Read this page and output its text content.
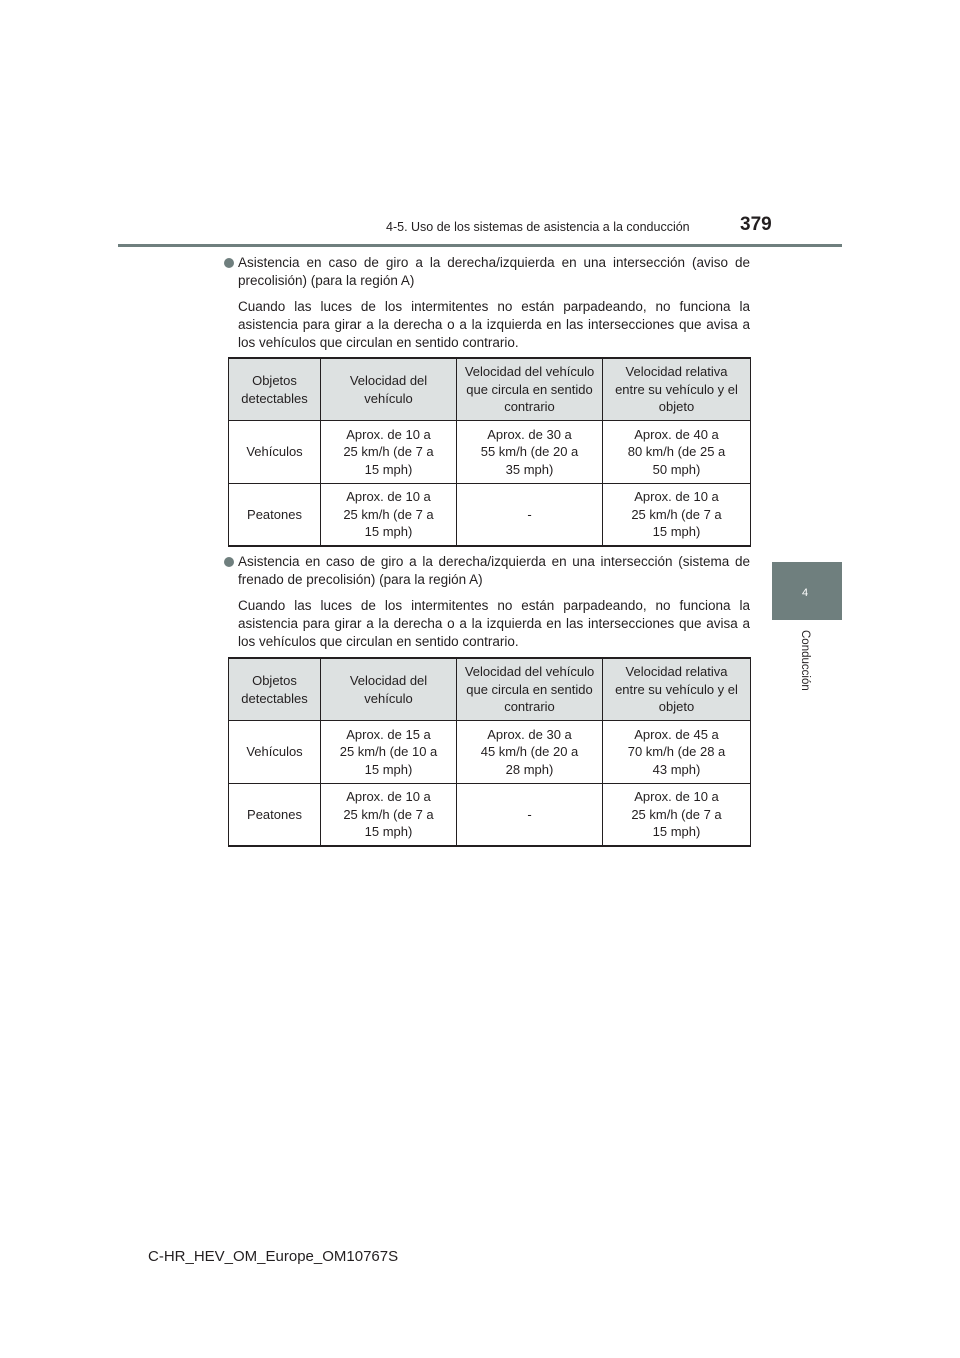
4-5. Uso de los sistemas de asistencia a la conducción	379
4
Conducción
Asistencia en caso de giro a la derecha/izquierda en una intersección (aviso de precolisión) (para la región A)
Cuando las luces de los intermitentes no están parpadeando, no funciona la asistencia para girar a la derecha o a la izquierda en las intersecciones que avisa a los vehículos que circulan en sentido contrario.
Objetos
detectables	Velocidad del
vehículo	Velocidad del vehículo
que circula en sentido
contrario	Velocidad relativa
entre su vehículo y el
objeto
Vehículos	Aprox. de 10 a
25 km/h (de 7 a
15 mph)	Aprox. de 30 a
55 km/h (de 20 a
35 mph)	Aprox. de 40 a
80 km/h (de 25 a
50 mph)
Peatones	Aprox. de 10 a
25 km/h (de 7 a
15 mph)	-	Aprox. de 10 a
25 km/h (de 7 a
15 mph)
Asistencia en caso de giro a la derecha/izquierda en una intersección (sistema de frenado de precolisión) (para la región A)
Cuando las luces de los intermitentes no están parpadeando, no funciona la asistencia para girar a la derecha o a la izquierda en las intersecciones que avisa a los vehículos que circulan en sentido contrario.
Objetos
detectables	Velocidad del
vehículo	Velocidad del vehículo
que circula en sentido
contrario	Velocidad relativa
entre su vehículo y el
objeto
Vehículos	Aprox. de 15 a
25 km/h (de 10 a
15 mph)	Aprox. de 30 a
45 km/h (de 20 a
28 mph)	Aprox. de 45 a
70 km/h (de 28 a
43 mph)
Peatones	Aprox. de 10 a
25 km/h (de 7 a
15 mph)	-	Aprox. de 10 a
25 km/h (de 7 a
15 mph)
C-HR_HEV_OM_Europe_OM10767S
